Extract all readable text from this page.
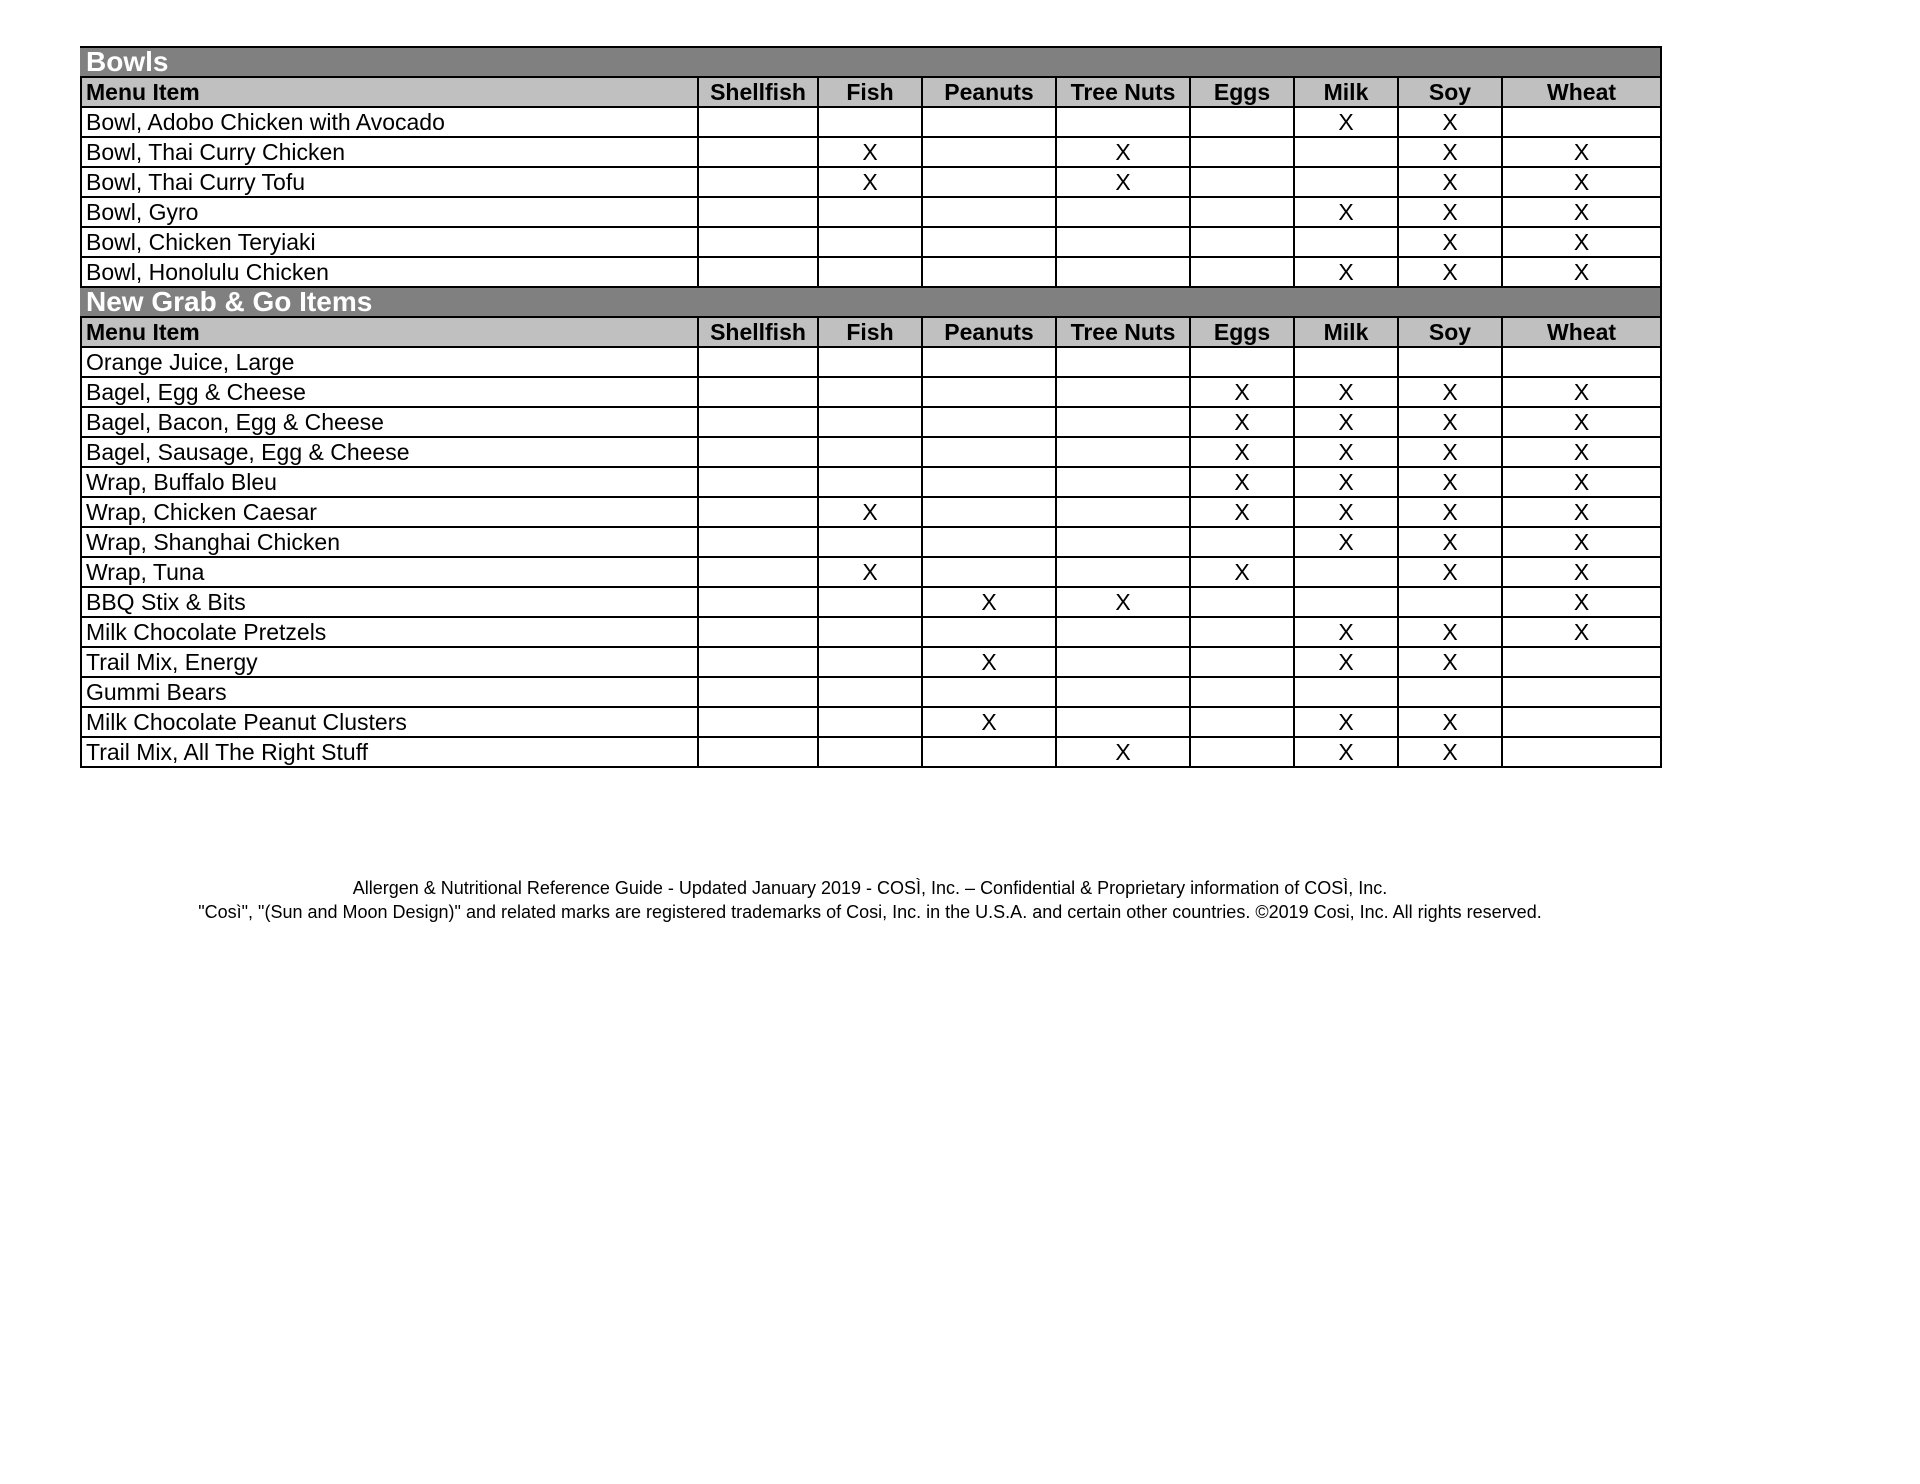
Bowls								
Menu Item	Shellfish	Fish	Peanuts	Tree Nuts	Eggs	Milk	Soy	Wheat
Bowl, Adobo Chicken with Avocado						X	X	
Bowl, Thai Curry Chicken		X		X			X	X
Bowl, Thai Curry Tofu		X		X			X	X
Bowl, Gyro						X	X	X
Bowl, Chicken Teryiaki							X	X
Bowl, Honolulu Chicken						X	X	X
New Grab & Go Items								
Menu Item	Shellfish	Fish	Peanuts	Tree Nuts	Eggs	Milk	Soy	Wheat
Orange Juice, Large								
Bagel, Egg & Cheese					X	X	X	X
Bagel, Bacon, Egg & Cheese					X	X	X	X
Bagel, Sausage, Egg & Cheese					X	X	X	X
Wrap, Buffalo Bleu					X	X	X	X
Wrap, Chicken Caesar		X			X	X	X	X
Wrap, Shanghai Chicken						X	X	X
Wrap, Tuna		X			X		X	X
BBQ Stix & Bits			X	X				X
Milk Chocolate Pretzels						X	X	X
Trail Mix, Energy			X			X	X	
Gummi Bears								
Milk Chocolate Peanut Clusters			X			X	X	
Trail Mix, All The Right Stuff				X		X	X	
Allergen & Nutritional Reference Guide - Updated January 2019 - COSÌ, Inc. – Confidential & Proprietary information of COSÌ, Inc.
"Così", "(Sun and Moon Design)" and related marks are registered trademarks of Cosi, Inc. in the U.S.A. and certain other countries. ©2019 Cosi, Inc. All rights reserved.
